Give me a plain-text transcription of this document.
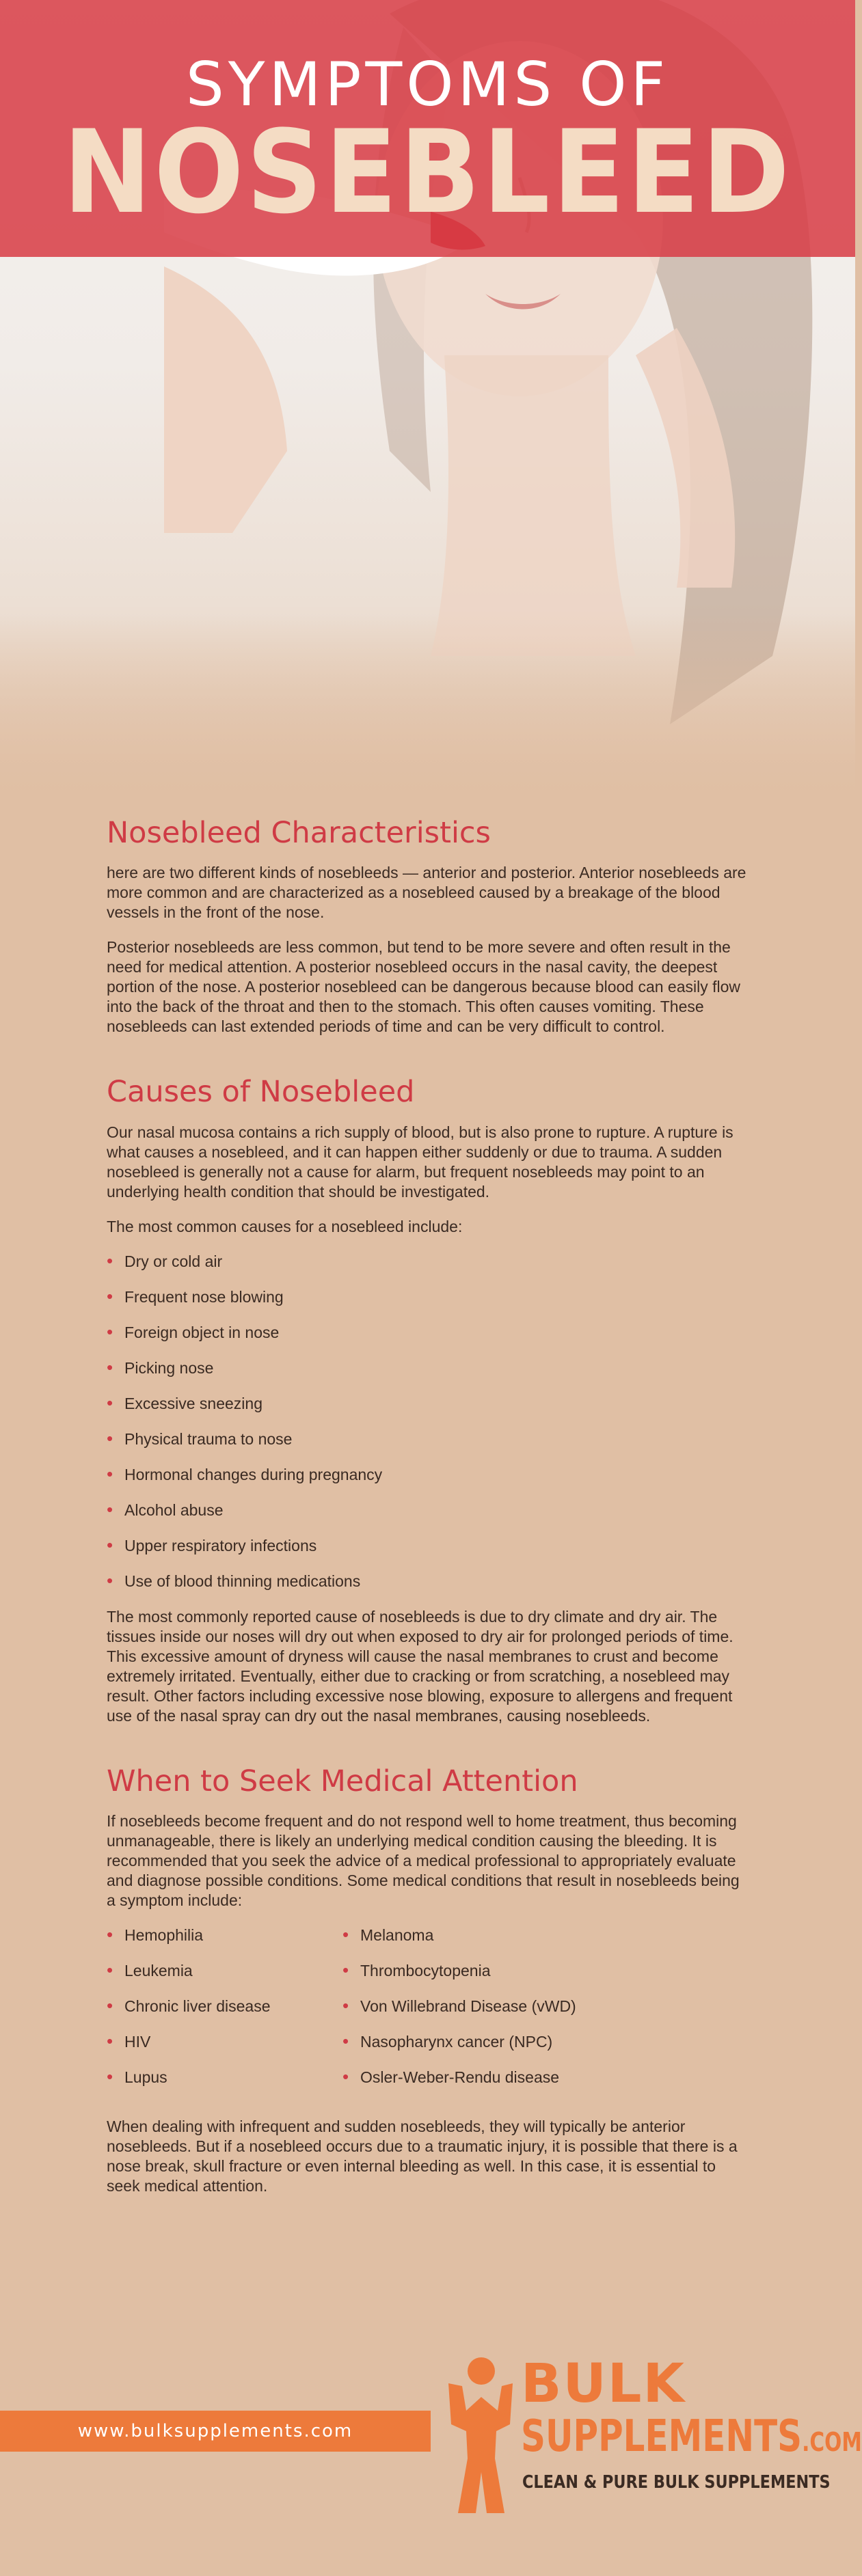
SYMPTOMS OF
NOSEBLEED
Nosebleed Characteristics

here are two different kinds of nosebleeds — anterior and posterior. Anterior nosebleeds are more common and are characterized as a nosebleed caused by a breakage of the blood vessels in the front of the nose.

Posterior nosebleeds are less common, but tend to be more severe and often result in the need for medical attention. A posterior nosebleed occurs in the nasal cavity, the deepest portion of the nose. A posterior nosebleed can be dangerous because blood can easily flow into the back of the throat and then to the stomach. This often causes vomiting. These nosebleeds can last extended periods of time and can be very difficult to control.

Causes of Nosebleed

Our nasal mucosa contains a rich supply of blood, but is also prone to rupture. A rupture is what causes a nosebleed, and it can happen either suddenly or due to trauma. A sudden nosebleed is generally not a cause for alarm, but frequent nosebleeds may point to an underlying health condition that should be investigated.

The most common causes for a nosebleed include:

• Dry or cold air
• Frequent nose blowing
• Foreign object in nose
• Picking nose
• Excessive sneezing
• Physical trauma to nose
• Hormonal changes during pregnancy
• Alcohol abuse
• Upper respiratory infections
• Use of blood thinning medications

The most commonly reported cause of nosebleeds is due to dry climate and dry air. The tissues inside our noses will dry out when exposed to dry air for prolonged periods of time. This excessive amount of dryness will cause the nasal membranes to crust and become extremely irritated. Eventually, either due to cracking or from scratching, a nosebleed may result. Other factors including excessive nose blowing, exposure to allergens and frequent use of the nasal spray can dry out the nasal membranes, causing nosebleeds.

When to Seek Medical Attention

If nosebleeds become frequent and do not respond well to home treatment, thus becoming unmanageable, there is likely an underlying medical condition causing the bleeding. It is recommended that you seek the advice of a medical professional to appropriately evaluate and diagnose possible conditions. Some medical conditions that result in nosebleeds being a symptom include:

• Hemophilia
• Leukemia
• Chronic liver disease
• HIV
• Lupus
• Melanoma
• Thrombocytopenia
• Von Willebrand Disease (vWD)
• Nasopharynx cancer (NPC)
• Osler-Weber-Rendu disease

When dealing with infrequent and sudden nosebleeds, they will typically be anterior nosebleeds. But if a nosebleed occurs due to a traumatic injury, it is possible that there is a nose break, skull fracture or even internal bleeding as well. In this case, it is essential to seek medical attention.

www.bulksupplements.com
BULK
SUPPLEMENTS.COM
CLEAN & PURE BULK SUPPLEMENTS
